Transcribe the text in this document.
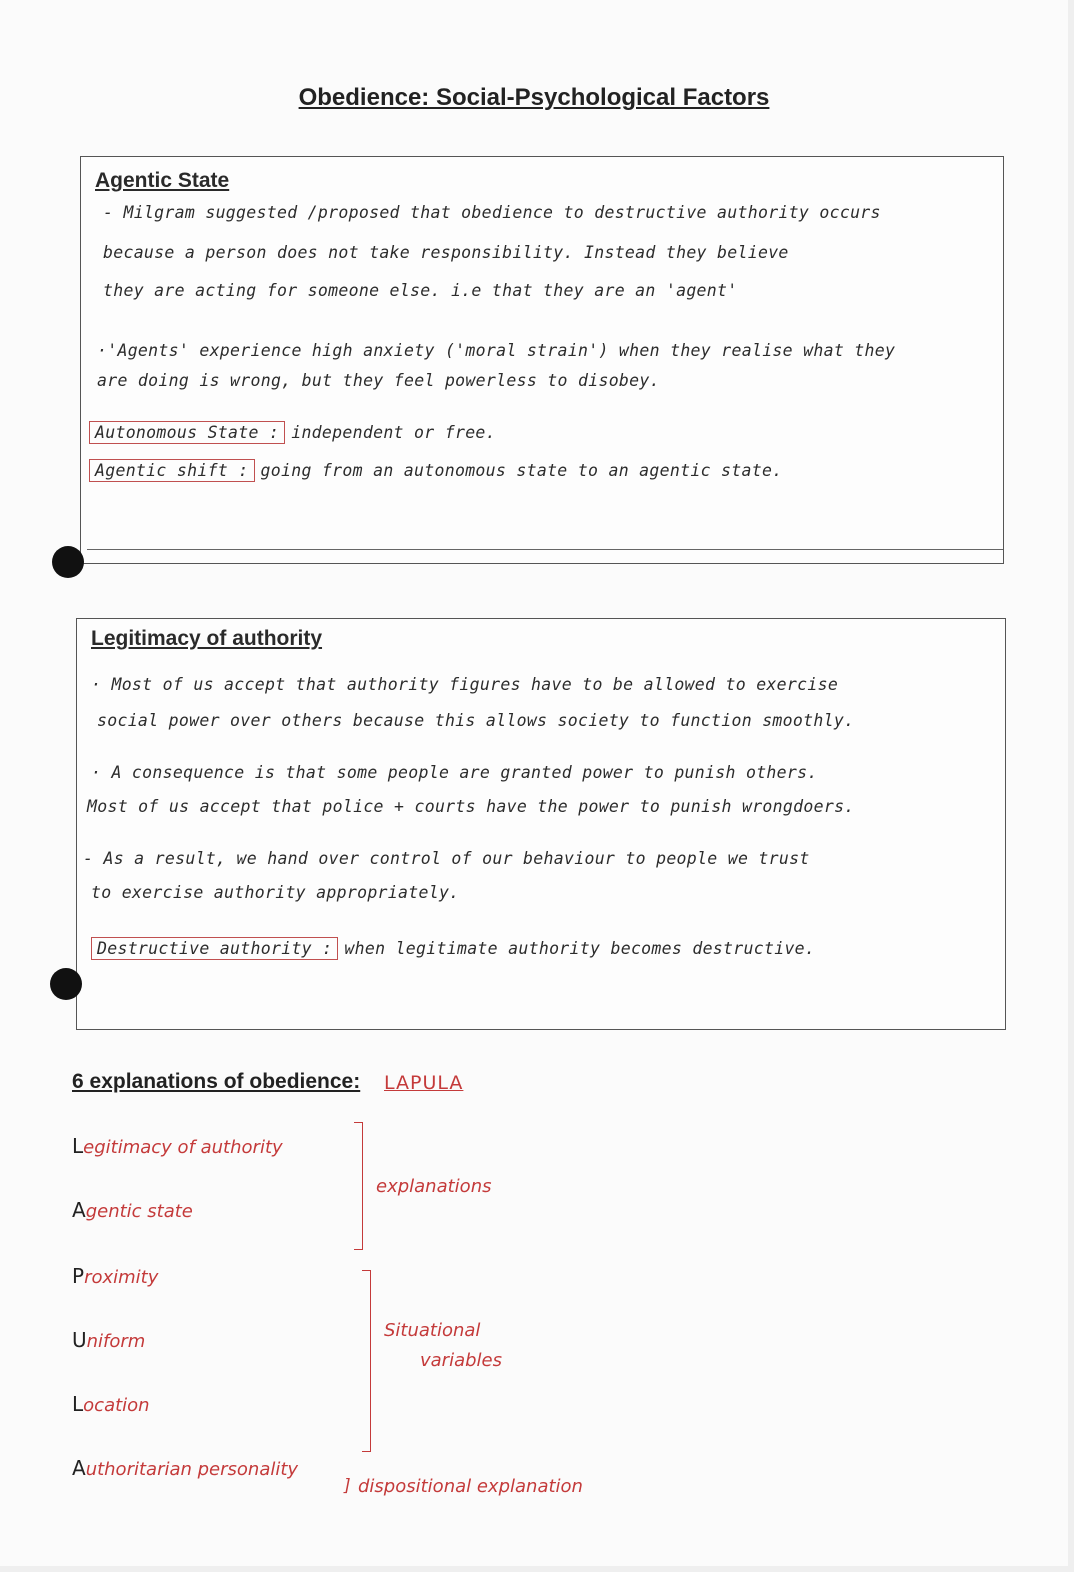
Obedience: Social-Psychological Factors
Agentic State
- Milgram suggested /proposed that obedience to destructive authority occurs
because a person does not take responsibility. Instead they believe
they are acting for someone else. i.e that they are an 'agent'
·'Agents' experience high anxiety ('moral strain') when they realise what they
are doing is wrong, but they feel powerless to disobey.
Autonomous State : independent or free.
Agentic shift : going from an autonomous state to an agentic state.
Legitimacy of authority
· Most of us accept that authority figures have to be allowed to exercise
social power over others because this allows society to function smoothly.
· A consequence is that some people are granted power to punish others.
Most of us accept that police + courts have the power to punish wrongdoers.
- As a result, we hand over control of our behaviour to people we trust
to exercise authority appropriately.
Destructive authority : when legitimate authority becomes destructive.
6 explanations of obedience: LAPULA
Legitimacy of authority
Agentic state
Proximity
Uniform
Location
Authoritarian personality
explanations
Situational
variables
] dispositional explanation
